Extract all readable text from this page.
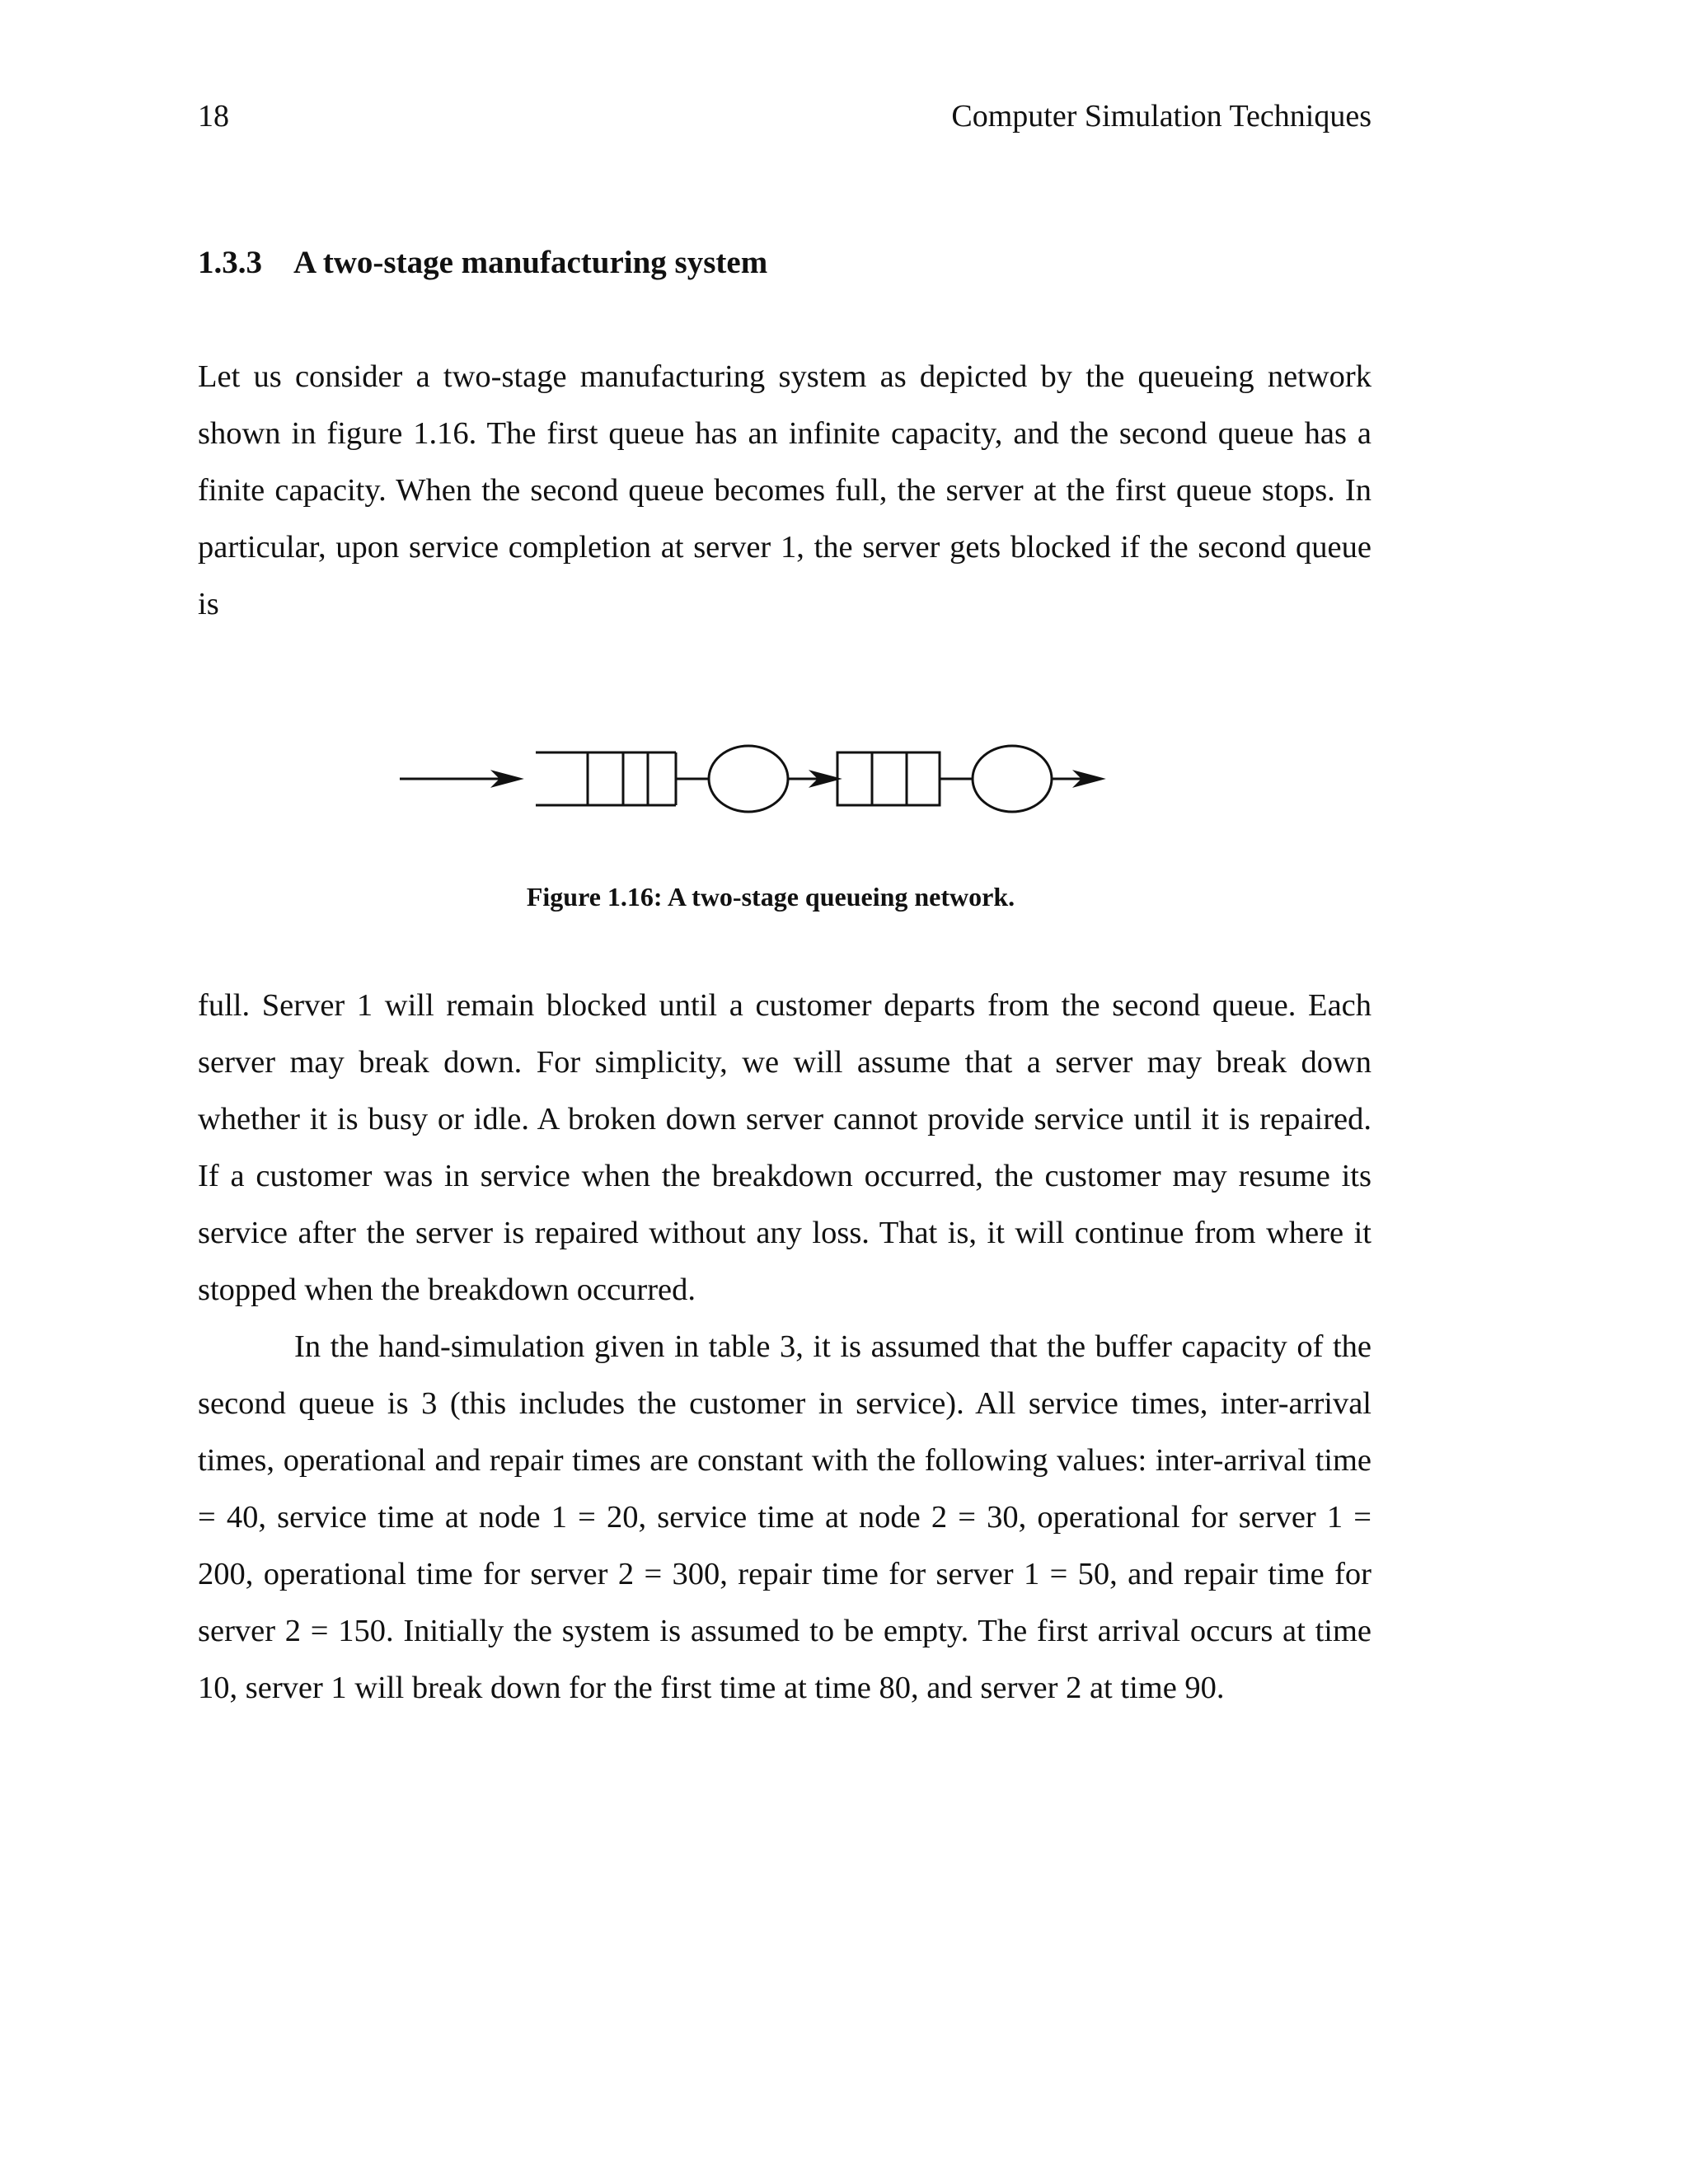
18	Computer Simulation Techniques
1.3.3 A two-stage manufacturing system

Let us consider a two-stage manufacturing system as depicted by the queueing network shown in figure 1.16. The first queue has an infinite capacity, and the second queue has a finite capacity. When the second queue becomes full, the server at the first queue stops. In particular, upon service completion at server 1, the server gets blocked if the second queue is

Figure 1.16: A two-stage queueing network.

full. Server 1 will remain blocked until a customer departs from the second queue. Each server may break down. For simplicity, we will assume that a server may break down whether it is busy or idle. A broken down server cannot provide service until it is repaired. If a customer was in service when the breakdown occurred, the customer may resume its service after the server is repaired without any loss. That is, it will continue from where it stopped when the breakdown occurred.

In the hand-simulation given in table 3, it is assumed that the buffer capacity of the second queue is 3 (this includes the customer in service). All service times, inter-arrival times, operational and repair times are constant with the following values: inter-arrival time = 40, service time at node 1 = 20, service time at node 2 = 30, operational for server 1 = 200, operational time for server 2 = 300, repair time for server 1 = 50, and repair time for server 2 = 150. Initially the system is assumed to be empty. The first arrival occurs at time 10, server 1 will break down for the first time at time 80, and server 2 at time 90.
